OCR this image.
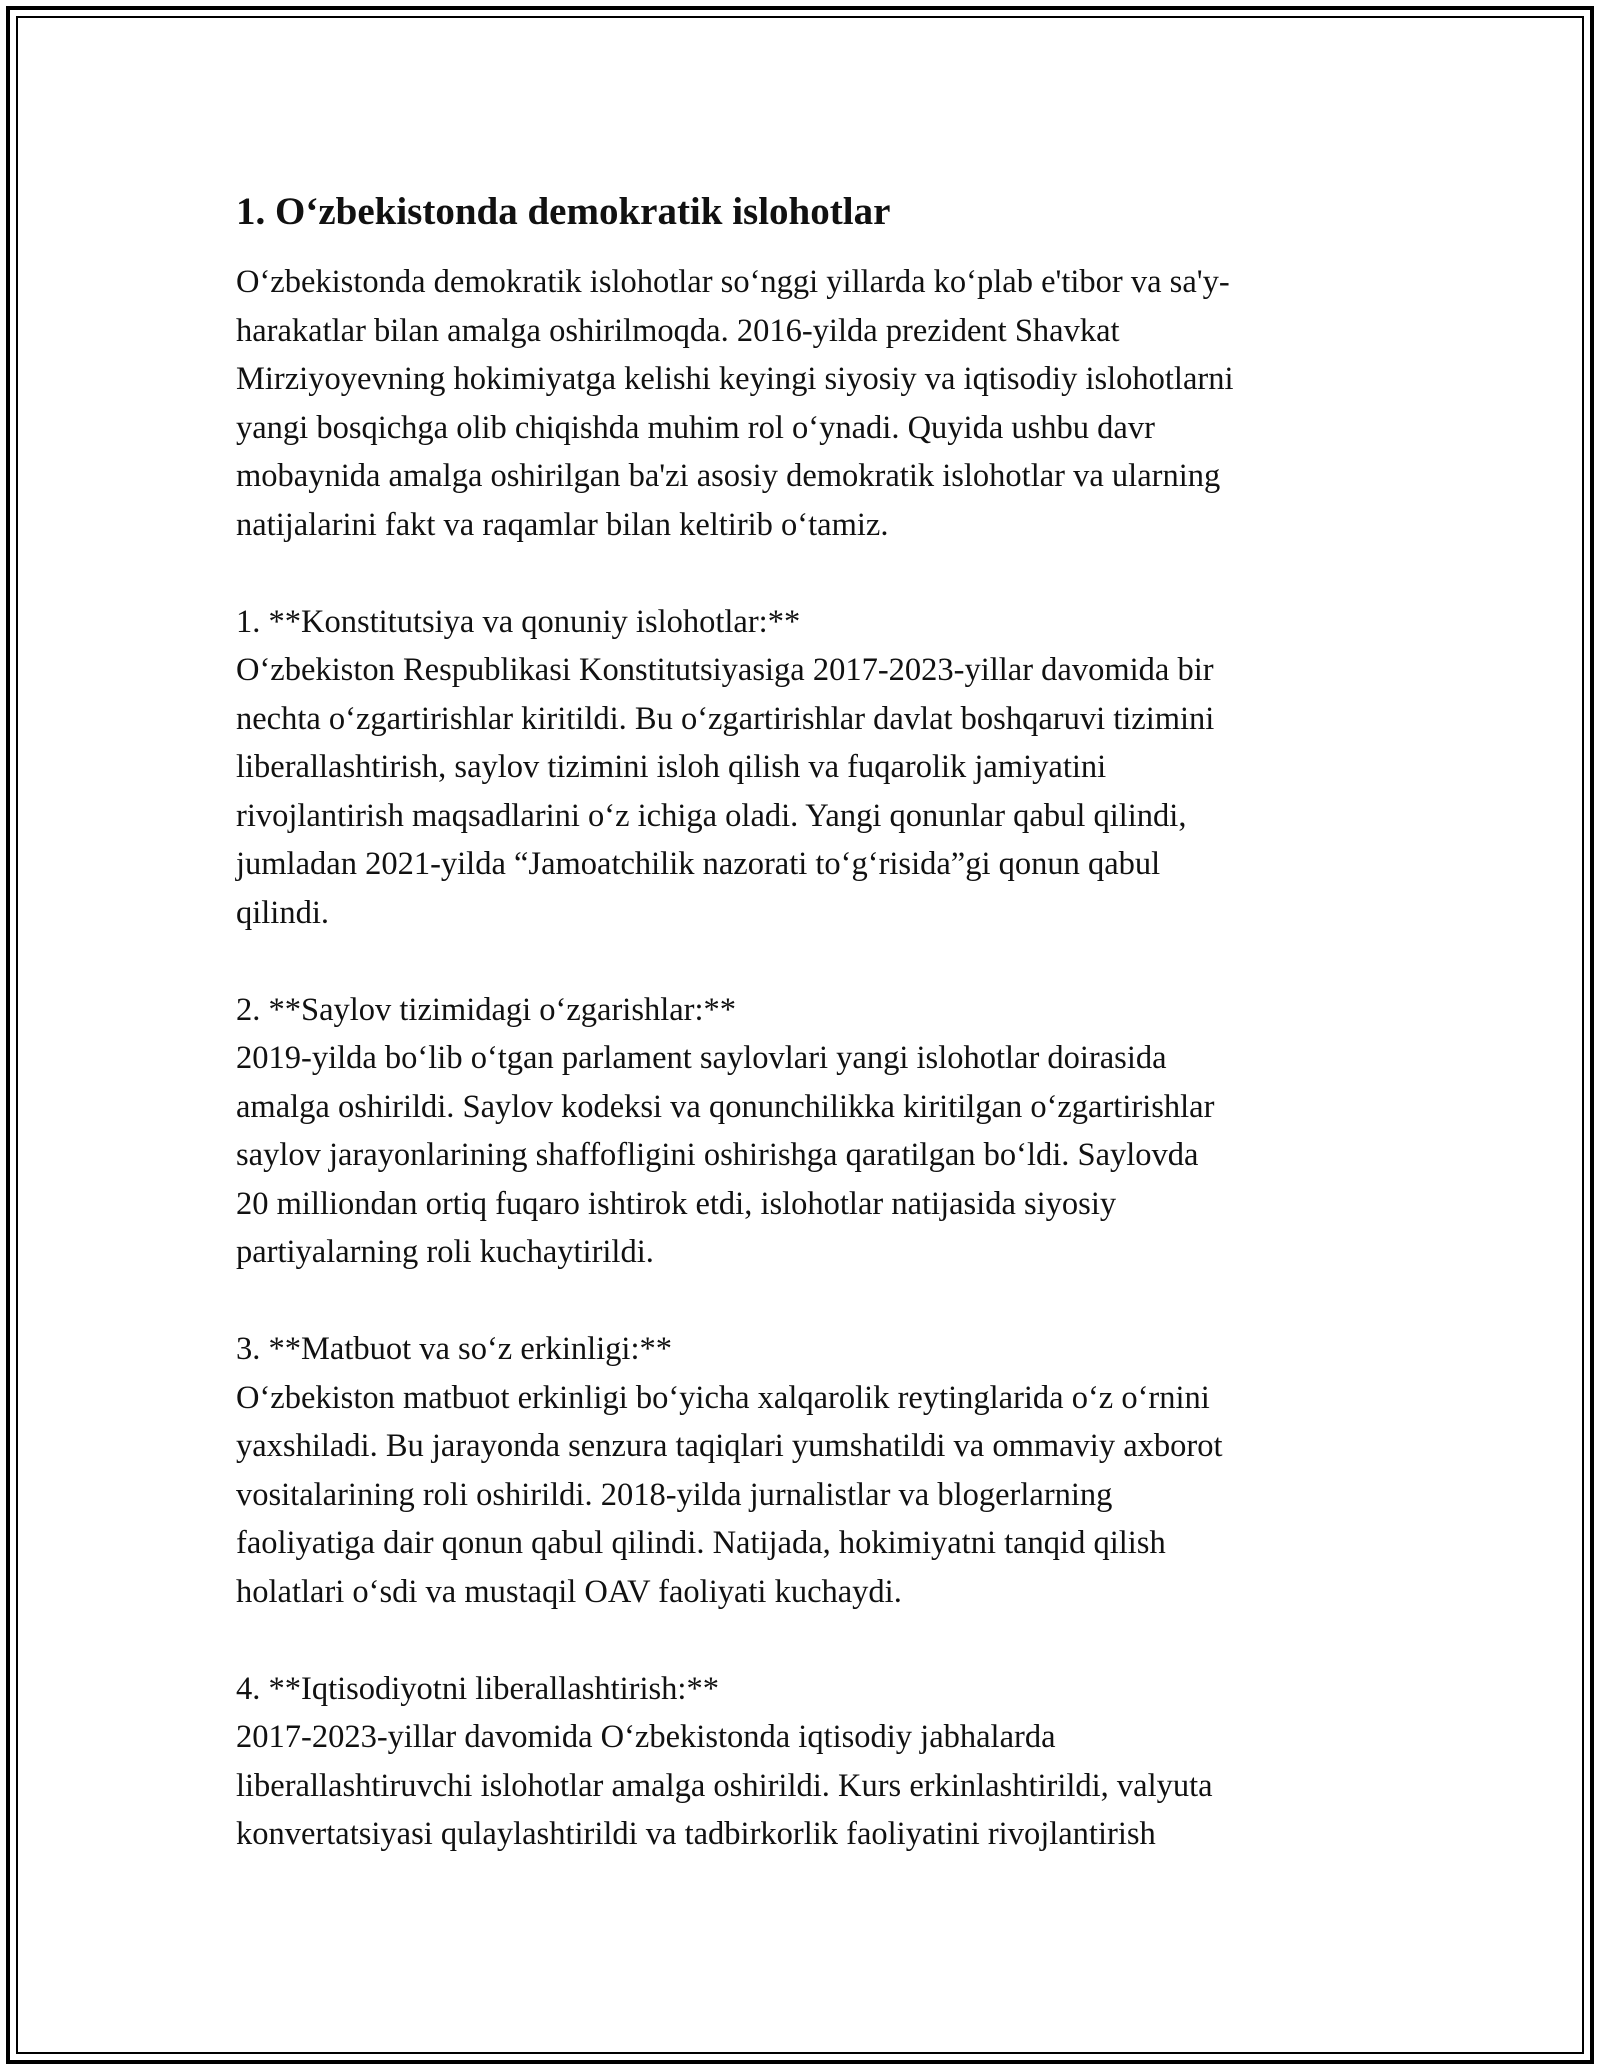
1. O‘zbekistonda demokratik islohotlar

O‘zbekistonda demokratik islohotlar so‘nggi yillarda ko‘plab e'tibor va sa'y-
harakatlar bilan amalga oshirilmoqda. 2016-yilda prezident Shavkat
Mirziyoyevning hokimiyatga kelishi keyingi siyosiy va iqtisodiy islohotlarni
yangi bosqichga olib chiqishda muhim rol o‘ynadi. Quyida ushbu davr
mobaynida amalga oshirilgan ba'zi asosiy demokratik islohotlar va ularning
natijalarini fakt va raqamlar bilan keltirib o‘tamiz.

1. **Konstitutsiya va qonuniy islohotlar:**

O‘zbekiston Respublikasi Konstitutsiyasiga 2017-2023-yillar davomida bir
nechta o‘zgartirishlar kiritildi. Bu o‘zgartirishlar davlat boshqaruvi tizimini
liberallashtirish, saylov tizimini isloh qilish va fuqarolik jamiyatini
rivojlantirish maqsadlarini o‘z ichiga oladi. Yangi qonunlar qabul qilindi,
jumladan 2021-yilda “Jamoatchilik nazorati to‘g‘risida”gi qonun qabul
qilindi.

2. **Saylov tizimidagi o‘zgarishlar:**

2019-yilda bo‘lib o‘tgan parlament saylovlari yangi islohotlar doirasida
amalga oshirildi. Saylov kodeksi va qonunchilikka kiritilgan o‘zgartirishlar
saylov jarayonlarining shaffofligini oshirishga qaratilgan bo‘ldi. Saylovda
20 milliondan ortiq fuqaro ishtirok etdi, islohotlar natijasida siyosiy
partiyalarning roli kuchaytirildi.

3. **Matbuot va so‘z erkinligi:**

O‘zbekiston matbuot erkinligi bo‘yicha xalqarolik reytinglarida o‘z o‘rnini
yaxshiladi. Bu jarayonda senzura taqiqlari yumshatildi va ommaviy axborot
vositalarining roli oshirildi. 2018-yilda jurnalistlar va blogerlarning
faoliyatiga dair qonun qabul qilindi. Natijada, hokimiyatni tanqid qilish
holatlari o‘sdi va mustaqil OAV faoliyati kuchaydi.

4. **Iqtisodiyotni liberallashtirish:**

2017-2023-yillar davomida O‘zbekistonda iqtisodiy jabhalarda
liberallashtiruvchi islohotlar amalga oshirildi. Kurs erkinlashtirildi, valyuta
konvertatsiyasi qulaylashtirildi va tadbirkorlik faoliyatini rivojlantirish
